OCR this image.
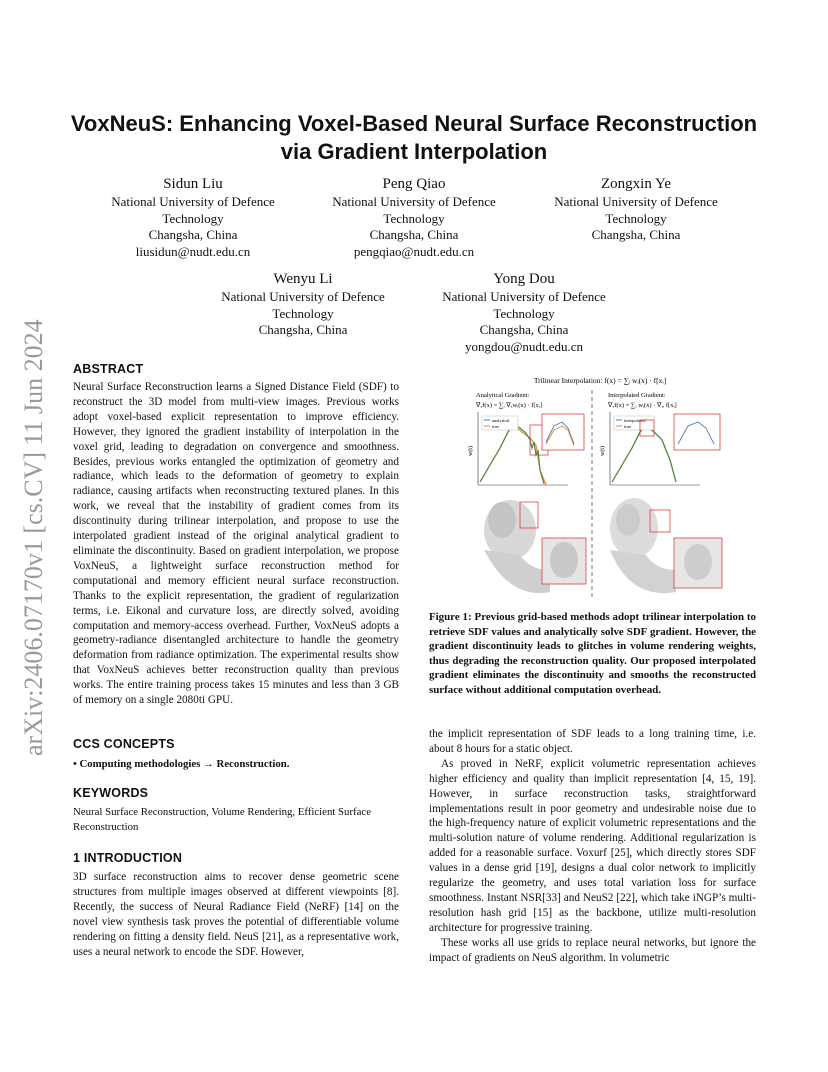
arXiv:2406.07170v1 [cs.CV] 11 Jun 2024
VoxNeuS: Enhancing Voxel-Based Neural Surface Reconstruction
via Gradient Interpolation
Sidun Liu
National University of Defence
Technology
Changsha, China
liusidun@nudt.edu.cn
Peng Qiao
National University of Defence
Technology
Changsha, China
pengqiao@nudt.edu.cn
Zongxin Ye
National University of Defence
Technology
Changsha, China
Wenyu Li
National University of Defence
Technology
Changsha, China
Yong Dou
National University of Defence
Technology
Changsha, China
yongdou@nudt.edu.cn
ABSTRACT

Neural Surface Reconstruction learns a Signed Distance Field (SDF) to reconstruct the 3D model from multi-view images. Previous works adopt voxel-based explicit representation to improve efficiency. However, they ignored the gradient instability of interpolation in the voxel grid, leading to degradation on convergence and smoothness. Besides, previous works entangled the optimization of geometry and radiance, which leads to the deformation of geometry to explain radiance, causing artifacts when reconstructing textured planes. In this work, we reveal that the instability of gradient comes from its discontinuity during trilinear interpolation, and propose to use the interpolated gradient instead of the original analytical gradient to eliminate the discontinuity. Based on gradient interpolation, we propose VoxNeuS, a lightweight surface reconstruction method for computational and memory efficient neural surface reconstruction. Thanks to the explicit representation, the gradient of regularization terms, i.e. Eikonal and curvature loss, are directly solved, avoiding computation and memory-access overhead. Further, VoxNeuS adopts a geometry-radiance disentangled architecture to handle the geometry deformation from radiance optimization. The experimental results show that VoxNeuS achieves better reconstruction quality than previous works. The entire training process takes 15 minutes and less than 3 GB of memory on a single 2080ti GPU.

CCS CONCEPTS
• Computing methodologies → Reconstruction.
KEYWORDS
Neural Surface Reconstruction, Volume Rendering, Efficient Surface Reconstruction
1 INTRODUCTION

3D surface reconstruction aims to recover dense geometric scene structures from multiple images observed at different viewpoints [8]. Recently, the success of Neural Radiance Field (NeRF) [14] on the novel view synthesis task proves the potential of differentiable volume rendering on fitting a density field. NeuS [21], as a representative work, uses a neural network to encode the SDF. However,

Trilinear Interpolation: f(x) = ∑ᵢ wᵢ(x) · f[xᵢ]
Analytical Gradient:
∇ₓf(x) = ∑ᵢ ∇ₓwᵢ(x) · f[xᵢ]
Interpolated Gradient:
∇ₓf(x) = ∑ᵢ wᵢ(x) · ∇ₓᵢ f[xᵢ]
w(t)
analytical
true
w(t)
interpolated
true
Figure 1: Previous grid-based methods adopt trilinear interpolation to retrieve SDF values and analytically solve SDF gradient. However, the gradient discontinuity leads to glitches in volume rendering weights, thus degrading the reconstruction quality. Our proposed interpolated gradient eliminates the discontinuity and smooths the reconstructed surface without additional computation overhead.

the implicit representation of SDF leads to a long training time, i.e. about 8 hours for a static object.

As proved in NeRF, explicit volumetric representation achieves higher efficiency and quality than implicit representation [4, 15, 19]. However, in surface reconstruction tasks, straightforward implementations result in poor geometry and undesirable noise due to the high-frequency nature of explicit volumetric representations and the multi-solution nature of volume rendering. Additional regularization is added for a reasonable surface. Voxurf [25], which directly stores SDF values in a dense grid [19], designs a dual color network to implicitly regularize the geometry, and uses total variation loss for surface smoothness. Instant NSR[33] and NeuS2 [22], which take iNGP’s multi-resolution hash grid [15] as the backbone, utilize multi-resolution architecture for progressive training.

These works all use grids to replace neural networks, but ignore the impact of gradients on NeuS algorithm. In volumetric
